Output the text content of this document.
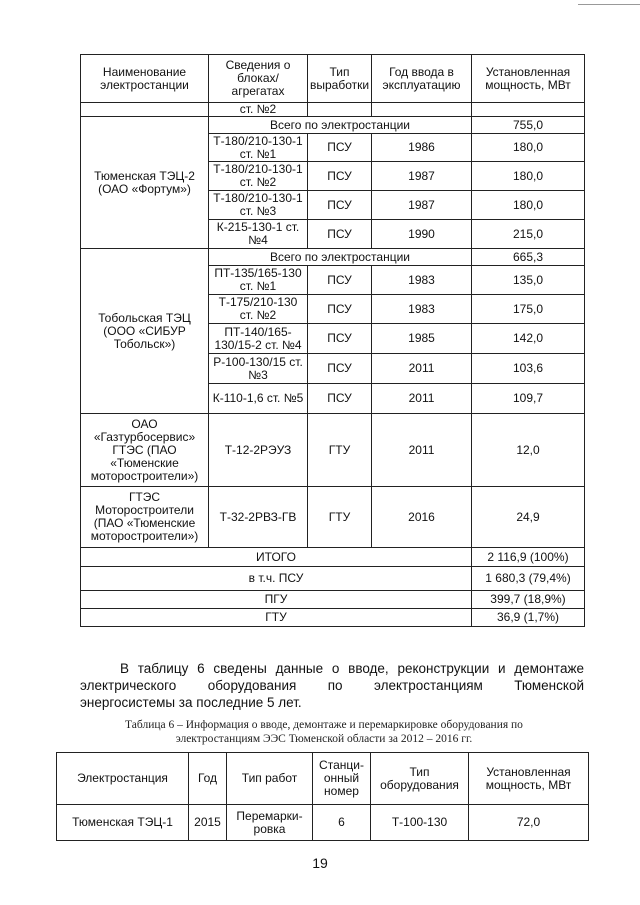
Наименование электростанции	Сведения о блоках/ агрегатах	Тип выработки	Год ввода в эксплуатацию	Установленная мощность, МВт
	ст. №2			
Тюменская ТЭЦ-2 (ОАО «Фортум»)	Всего по электростанции			755,0
	Т-180/210-130-1 ст. №1	ПСУ	1986	180,0
	Т-180/210-130-1 ст. №2	ПСУ	1987	180,0
	Т-180/210-130-1 ст. №3	ПСУ	1987	180,0
	К-215-130-1 ст. №4	ПСУ	1990	215,0
Тобольская ТЭЦ (ООО «СИБУР Тобольск»)	Всего по электростанции			665,3
	ПТ-135/165-130 ст. №1	ПСУ	1983	135,0
	Т-175/210-130 ст. №2	ПСУ	1983	175,0
	ПТ-140/165-130/15-2 ст. №4	ПСУ	1985	142,0
	Р-100-130/15 ст. №3	ПСУ	2011	103,6
	К-110-1,6 ст. №5	ПСУ	2011	109,7
ОАО «Газтурбосервис» ГТЭС (ПАО «Тюменские моторостроители»)	Т-12-2РЭУЗ	ГТУ	2011	12,0
ГТЭС Моторостроители (ПАО «Тюменские моторостроители»)	Т-32-2РВЗ-ГВ	ГТУ	2016	24,9
ИТОГО				2 116,9 (100%)
в т.ч. ПСУ				1 680,3 (79,4%)
ПГУ				399,7 (18,9%)
ГТУ				36,9 (1,7%)
В таблицу 6 сведены данные о вводе, реконструкции и демонтаже
электрического оборудования по электростанциям Тюменской
энергосистемы за последние 5 лет.
Таблица 6 – Информация о вводе, демонтаже и перемаркировке оборудования по
электростанциям ЭЭС Тюменской области за 2012 – 2016 гг.
Электростанция	Год	Тип работ	Станци-онный номер	Тип оборудования	Установленная мощность, МВт
Тюменская ТЭЦ-1	2015	Перемарки-ровка	6	Т-100-130	72,0
19
